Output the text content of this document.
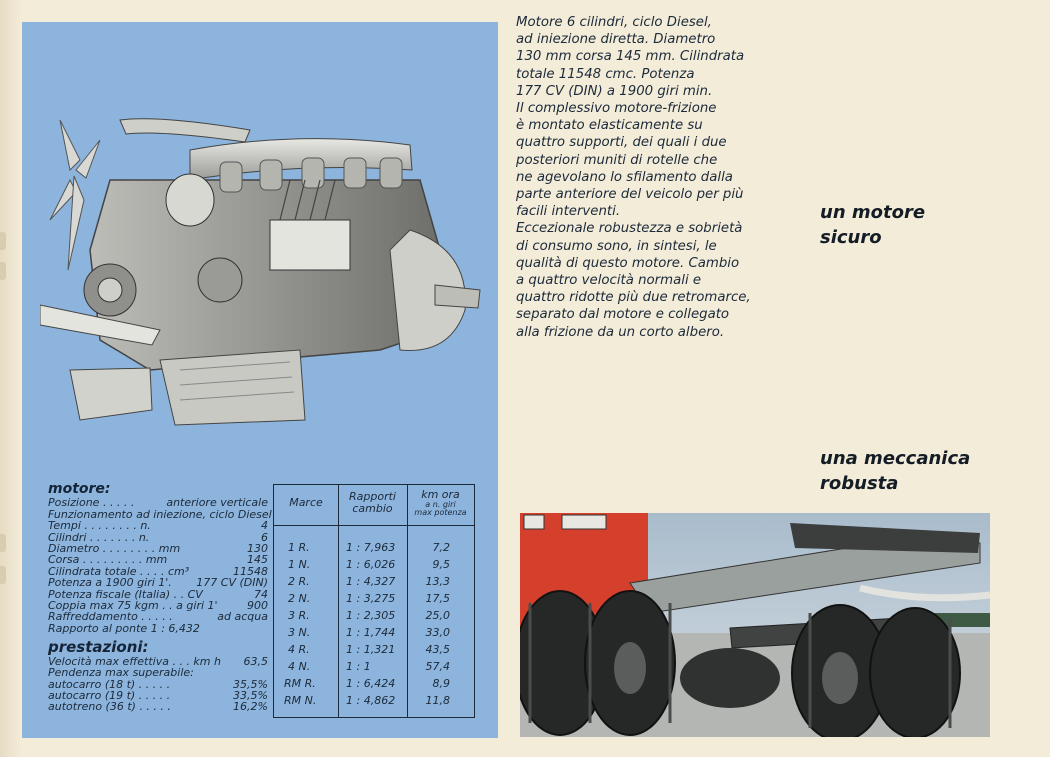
motore:
Posizione . . . . .	anteriore verticale
Funzionamento ad iniezione, ciclo Diesel
Tempi . . . . . . . . n.	4
Cilindri . . . . . . . n.	6
Diametro . . . . . . . . mm	130
Corsa . . . . . . . . . mm	145
Cilindrata totale . . . . cm³	11548
Potenza a 1900 giri 1'. 177 CV (DIN)
Potenza fiscale (Italia) . . CV	74
Coppia max 75 kgm . . a giri 1'	900
Raffreddamento . . . . .	ad acqua
Rapporto al ponte 1 : 6,432
prestazioni:
Velocità max effettiva . . . km h 63,5
Pendenza max superabile:
autocarro (18 t) . . . . .	35,5%
autocarro (19 t) . . . . .	33,5%
autotreno (36 t) . . . . .	16,2%
Marce	Rapporti
cambio
km ora
a n. giri
max potenza
1 R.	1 : 7,963	7,2
1 N.	1 : 6,026	9,5
2 R.	1 : 4,327	13,3
2 N.	1 : 3,275	17,5
3 R.	1 : 2,305	25,0
3 N.	1 : 1,744	33,0
4 R.	1 : 1,321	43,5
4 N.	1 : 1	57,4
RM R.	1 : 6,424	8,9
RM N.	1 : 4,862	11,8
Motore 6 cilindri, ciclo Diesel,
ad iniezione diretta. Diametro
130 mm corsa 145 mm. Cilindrata
totale 11548 cmc. Potenza
177 CV (DIN) a 1900 giri min.
Il complessivo motore-frizione
è montato elasticamente su
quattro supporti, dei quali i due
posteriori muniti di rotelle che
ne agevolano lo sfilamento dalla
parte anteriore del veicolo per più
facili interventi.
Eccezionale robustezza e sobrietà
di consumo sono, in sintesi, le
qualità di questo motore. Cambio
a quattro velocità normali e
quattro ridotte più due retromarce,
separato dal motore e collegato
alla frizione da un corto albero.
un motore
sicuro
una meccanica
robusta
